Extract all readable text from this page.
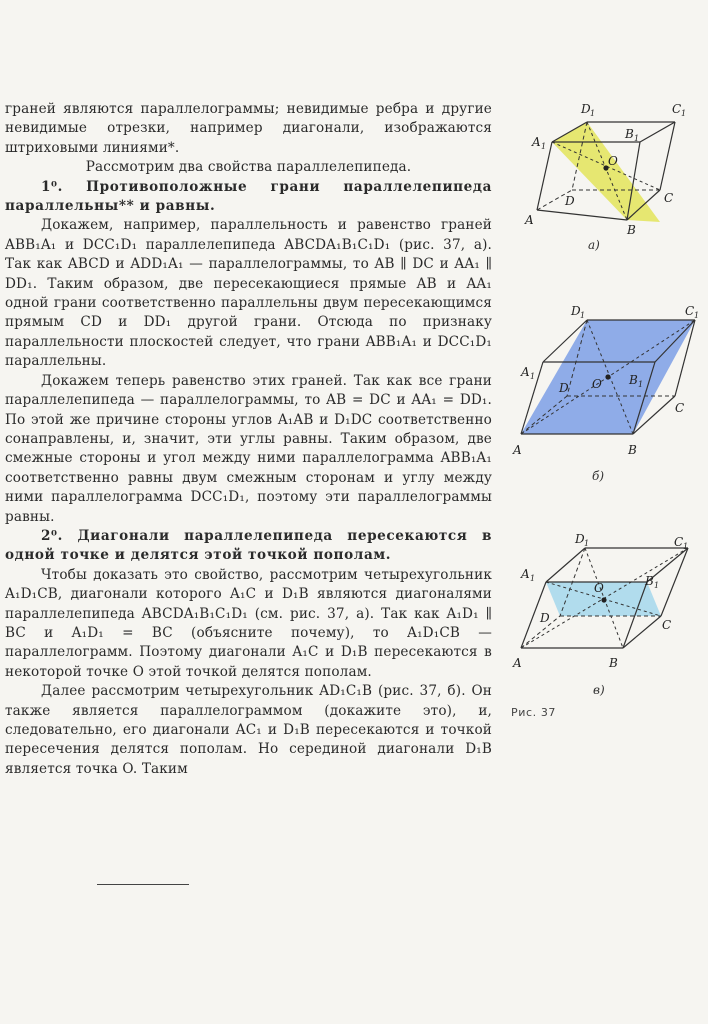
граней являются параллелограммы; невидимые ребра и другие невидимые отрезки, например диагонали, изображаются штриховыми линиями*.

Рассмотрим два свойства параллелепипеда.

1⁰. Противоположные грани параллелепипеда параллельны** и равны.

Докажем, например, параллельность и равенство граней ABB₁A₁ и DCC₁D₁ параллелепипеда ABCDA₁B₁C₁D₁ (рис. 37, а). Так как ABCD и ADD₁A₁ — параллелограммы, то AB ∥ DC и AA₁ ∥ DD₁. Таким образом, две пересекающиеся прямые AB и AA₁ одной грани соответственно параллельны двум пересекающимся прямым CD и DD₁ другой грани. Отсюда по признаку параллельности плоскостей следует, что грани ABB₁A₁ и DCC₁D₁ параллельны.

Докажем теперь равенство этих граней. Так как все грани параллелепипеда — параллелограммы, то AB = DC и AA₁ = DD₁. По этой же причине стороны углов A₁AB и D₁DC соответственно сонаправлены, и, значит, эти углы равны. Таким образом, две смежные стороны и угол между ними параллелограмма ABB₁A₁ соответственно равны двум смежным сторонам и углу между ними параллелограмма DCC₁D₁, поэтому эти параллелограммы равны.

2⁰. Диагонали параллелепипеда пересекаются в одной точке и делятся этой точкой пополам.

Чтобы доказать это свойство, рассмотрим четырехугольник A₁D₁CB, диагонали которого A₁C и D₁B являются диагоналями параллелепипеда ABCDA₁B₁C₁D₁ (см. рис. 37, а). Так как A₁D₁ ∥ BC и A₁D₁ = BC (объясните почему), то A₁D₁CB — параллелограмм. Поэтому диагонали A₁C и D₁B пересекаются в некоторой точке O этой точкой делятся пополам.

Далее рассмотрим четырехугольник AD₁C₁B (рис. 37, б). Он также является параллелограммом (докажите это), и, следовательно, его диагонали AC₁ и D₁B пересекаются и точкой пересечения делятся пополам. Но серединой диагонали D₁B является точка O. Таким

D 1	C 1
A 1
B 1
O
D	C
A
B
а)
D 1	C 1
A 1	B 1
O
D
C
A	B
б)
D 1	C 1
A 1	B 1
O
D	C
A	B
в)
Рис. 37
